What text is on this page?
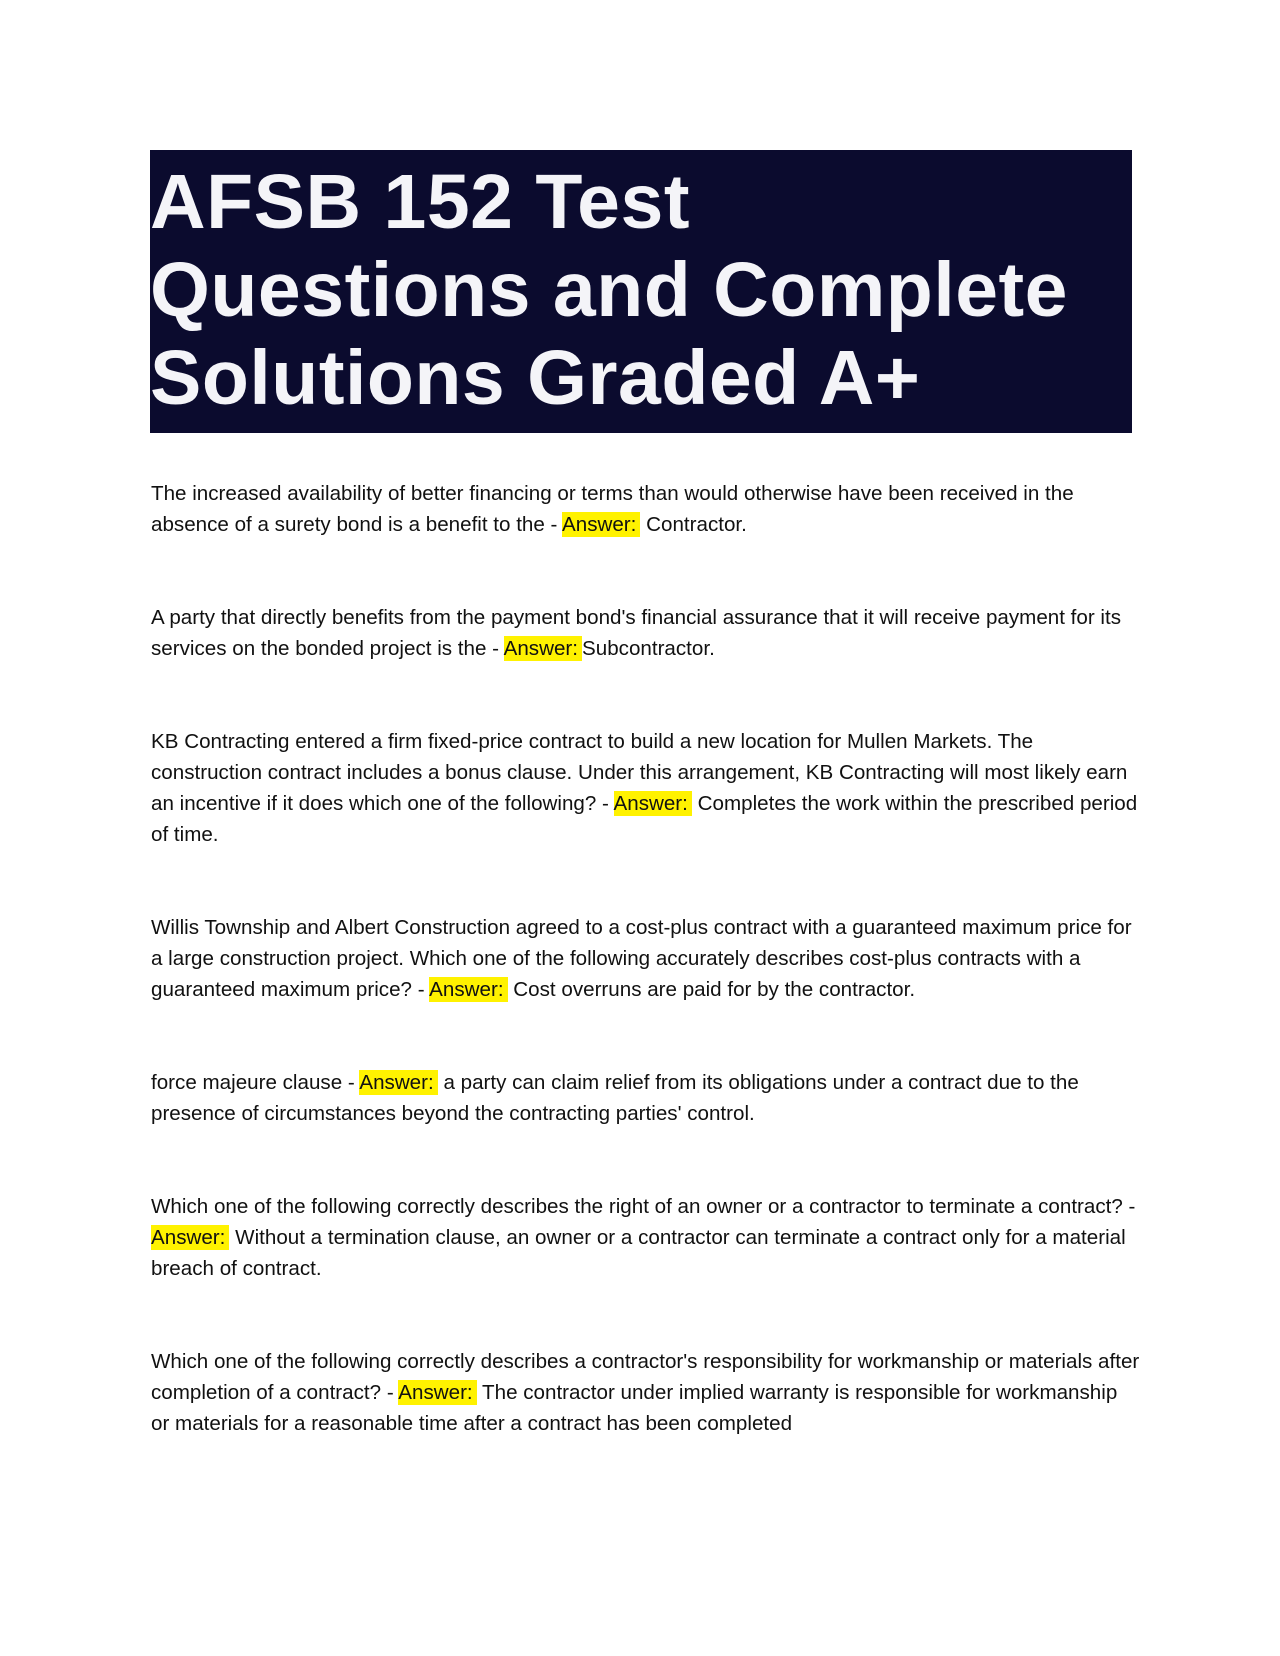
AFSB 152 Test
Questions and Complete
Solutions Graded A+

The increased availability of better financing or terms than would otherwise have been received in the absence of a surety bond is a benefit to the - Answer: Contractor.

A party that directly benefits from the payment bond's financial assurance that it will receive payment for its services on the bonded project is the - Answer: Subcontractor.

KB Contracting entered a firm fixed-price contract to build a new location for Mullen Markets. The construction contract includes a bonus clause. Under this arrangement, KB Contracting will most likely earn an incentive if it does which one of the following? - Answer: Completes the work within the prescribed period of time.

Willis Township and Albert Construction agreed to a cost-plus contract with a guaranteed maximum price for a large construction project. Which one of the following accurately describes cost-plus contracts with a guaranteed maximum price? - Answer: Cost overruns are paid for by the contractor.

force majeure clause - Answer: a party can claim relief from its obligations under a contract due to the presence of circumstances beyond the contracting parties' control.

Which one of the following correctly describes the right of an owner or a contractor to terminate a contract? - Answer: Without a termination clause, an owner or a contractor can terminate a contract only for a material breach of contract.

Which one of the following correctly describes a contractor's responsibility for workmanship or materials after completion of a contract? - Answer: The contractor under implied warranty is responsible for workmanship or materials for a reasonable time after a contract has been completed
